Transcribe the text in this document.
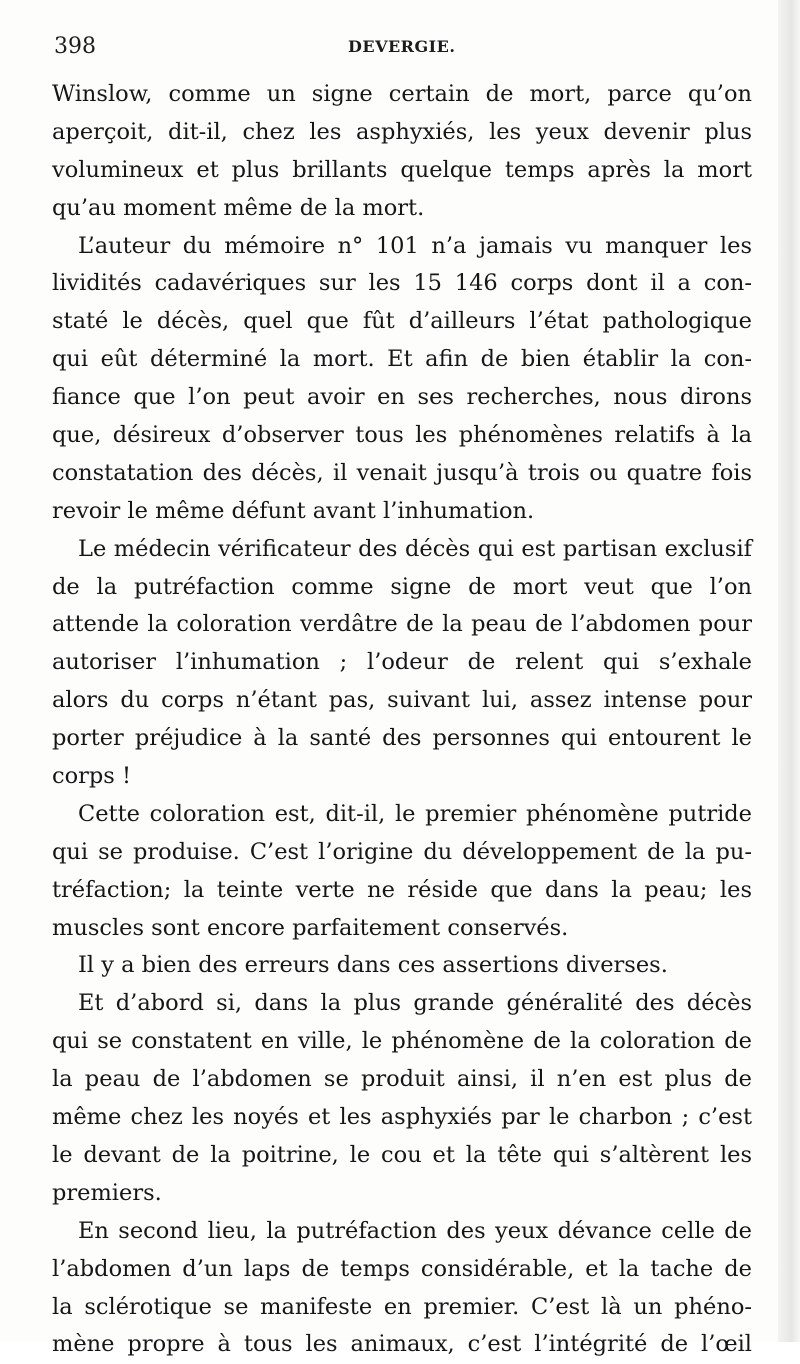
398	DEVERGIE.
Winslow, comme un signe certain de mort, parce qu’on
aperçoit, dit-il, chez les asphyxiés, les yeux devenir plus
volumineux et plus brillants quelque temps après la mort
qu’au moment même de la mort.
L’auteur du mémoire n° 101 n’a jamais vu manquer les
lividités cadavériques sur les 15 146 corps dont il a con-
staté le décès, quel que fût d’ailleurs l’état pathologique
qui eût déterminé la mort. Et afin de bien établir la con-
fiance que l’on peut avoir en ses recherches, nous dirons
que, désireux d’observer tous les phénomènes relatifs à la
constatation des décès, il venait jusqu’à trois ou quatre fois
revoir le même défunt avant l’inhumation.
Le médecin vérificateur des décès qui est partisan exclusif
de la putréfaction comme signe de mort veut que l’on
attende la coloration verdâtre de la peau de l’abdomen pour
autoriser l’inhumation ; l’odeur de relent qui s’exhale
alors du corps n’étant pas, suivant lui, assez intense pour
porter préjudice à la santé des personnes qui entourent le
corps !
Cette coloration est, dit-il, le premier phénomène putride
qui se produise. C’est l’origine du développement de la pu-
tréfaction; la teinte verte ne réside que dans la peau; les
muscles sont encore parfaitement conservés.
Il y a bien des erreurs dans ces assertions diverses.
Et d’abord si, dans la plus grande généralité des décès
qui se constatent en ville, le phénomène de la coloration de
la peau de l’abdomen se produit ainsi, il n’en est plus de
même chez les noyés et les asphyxiés par le charbon ; c’est
le devant de la poitrine, le cou et la tête qui s’altèrent les
premiers.
En second lieu, la putréfaction des yeux dévance celle de
l’abdomen d’un laps de temps considérable, et la tache de
la sclérotique se manifeste en premier. C’est là un phéno-
mène propre à tous les animaux, c’est l’intégrité de l’œil
